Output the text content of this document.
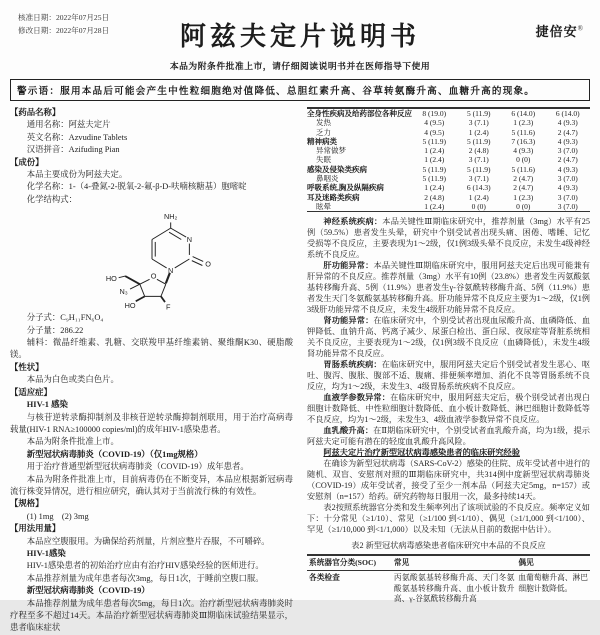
核准日期：2022年07月25日
修改日期：2022年07月28日	阿兹夫定片说明书	捷倍安®
本品为附条件批准上市，请仔细阅读说明书并在医师指导下使用
警示语：服用本品后可能会产生中性粒细胞绝对值降低、总胆红素升高、谷草转氨酶升高、血糖升高的现象。

【药品名称】

通用名称：阿兹夫定片

英文名称：Azvudine Tablets

汉语拼音：Azifuding Pian

【成份】

本品主要成份为阿兹夫定。

化学名称：1-（4-叠氮-2-脱氧-2-氟-β-D-呋喃核糖基）胞嘧啶

化学结构式：

NH₂
N
O
N
O
HO
N₃
HO	F

分子式：C₉H₁₁FN₆O₄

分子量：286.22

辅料：微晶纤维素、乳糖、交联羧甲基纤维素钠、聚维酮K30、硬脂酸镁。

【性状】

本品为白色或类白色片。

【适应症】

HIV-1 感染

与核苷逆转录酶抑制剂及非核苷逆转录酶抑制剂联用，用于治疗高病毒载量(HIV-1 RNA≥100000 copies/ml)的成年HIV-1感染患者。

本品为附条件批准上市。

新型冠状病毒肺炎（COVID-19）（仅1mg规格）

用于治疗普通型新型冠状病毒肺炎（COVID-19）成年患者。

本品为附条件批准上市，目前病毒仍在不断变异，本品应根据新冠病毒流行株变异情况，进行相应研究，确认其对于当前流行株的有效性。

【规格】

(1) 1mg　(2) 3mg

【用法用量】

本品应空腹服用。为确保给药剂量，片剂应整片吞服，不可嚼碎。

HIV-1感染

HIV-1感染患者的初始治疗应由有治疗HIV感染经验的医师进行。

本品推荐剂量为成年患者每次3mg，每日1次，于睡前空腹口服。

新型冠状病毒肺炎（COVID-19）

本品推荐剂量为成年患者每次5mg，每日1次。治疗新型冠状病毒肺炎时疗程至多不超过14天。本品治疗新型冠状病毒肺炎Ⅲ期临床试验结果显示，患者临床症状

全身性疾病及给药部位各种反应	8 (19.0)	5 (11.9)	6 (14.0)	6 (14.0)
发热	4 (9.5)	3 (7.1)	1 (2.3)	4 (9.3)
乏力	4 (9.5)	1 (2.4)	5 (11.6)	2 (4.7)
精神病类	5 (11.9)	5 (11.9)	7 (16.3)	4 (9.3)
异常做梦	1 (2.4)	2 (4.8)	4 (9.3)	3 (7.0)
失眠	1 (2.4)	3 (7.1)	0 (0)	2 (4.7)
感染及侵染类疾病	5 (11.9)	5 (11.9)	5 (11.6)	4 (9.3)
鼻咽炎	5 (11.9)	3 (7.1)	2 (4.7)	3 (7.0)
呼吸系统,胸及纵隔疾病	1 (2.4)	6 (14.3)	2 (4.7)	4 (9.3)
耳及迷路类疾病	2 (4.8)	1 (2.4)	1 (2.3)	3 (7.0)
眩晕	1 (2.4)	0 (0)	0 (0)	3 (7.0)

神经系统疾病：本品关键性Ⅲ期临床研究中，推荐剂量（3mg）水平有25例（59.5%）患者发生头晕，研究中个别受试者出现头痛、困倦、嗜睡、记忆受损等不良反应，主要表现为1～2级，仅1例3级头晕不良反应，未发生4级神经系统不良反应。

肝功能异常：本品关键性Ⅲ期临床研究中，服用阿兹夫定后出现可能兼有肝异常的不良反应。推荐剂量（3mg）水平有10例（23.8%）患者发生丙氨酸氨基转移酶升高、5例（11.9%）患者发生γ-谷氨酰转移酶升高、5例（11.9%）患者发生天门冬氨酸氨基转移酶升高。肝功能异常不良反应主要为1～2级，仅1例3级肝功能异常不良反应，未发生4级肝功能异常不良反应。

肾功能异常：在临床研究中，个别受试者出现血尿酸升高、血磷降低、血钾降低、血钠升高、钙离子减少、尿蛋白检出、蛋白尿、夜尿症等肾脏系统相关不良反应，主要表现为1～2级，仅1例3级不良反应（血磷降低），未发生4级肾功能异常不良反应。

胃肠系统疾病：在临床研究中，服用阿兹夫定后个别受试者发生恶心、呕吐、腹泻、腹胀、腹部不适、腹痛、排便频率增加、消化不良等胃肠系统不良反应，均为1～2级，未发生3、4级胃肠系统疾病不良反应。

血液学参数异常：在临床研究中，服用阿兹夫定后，极个别受试者出现白细胞计数降低、中性粒细胞计数降低、血小板计数降低、淋巴细胞计数降低等不良反应，均为1～2级，未发生3、4级血液学参数异常不良反应。

血乳酸升高：在Ⅱ期临床研究中，个别受试者血乳酸升高，均为1级，提示阿兹夫定可能有潜在的轻度血乳酸升高风险。

阿兹夫定片治疗新型冠状病毒感染患者的临床研究经验

在确诊为新型冠状病毒（SARS-CoV-2）感染的住院、成年受试者中进行的随机、双盲、安慰剂对照的Ⅲ期临床研究中，共314例中度新型冠状病毒肺炎（COVID-19）成年受试者，接受了至少一剂本品（阿兹夫定5mg，n=157）或安慰剂（n=157）给药。研究药物每日服用一次，最多持续14天。

表2按照系统器官分类和发生频率列出了该项试验的不良反应。频率定义如下：十分常见（≥1/10）、常见（≥1/100 到<1/10）、偶见（≥1/1,000 到<1/100）、罕见（≥1/10,000 到<1/1,000）以及未知（无法从目前的数据中估计）。

表2 新型冠状病毒感染患者临床研究中本品的不良反应
系统器官分类(SOC)	常见	偶见
各类检查	丙氨酸氨基转移酶升高、天门冬氨酸氨基转移酶升高、血小板计数升高、γ-谷氨酰转移酶升高	血葡萄糖升高、淋巴细胞计数降低。
